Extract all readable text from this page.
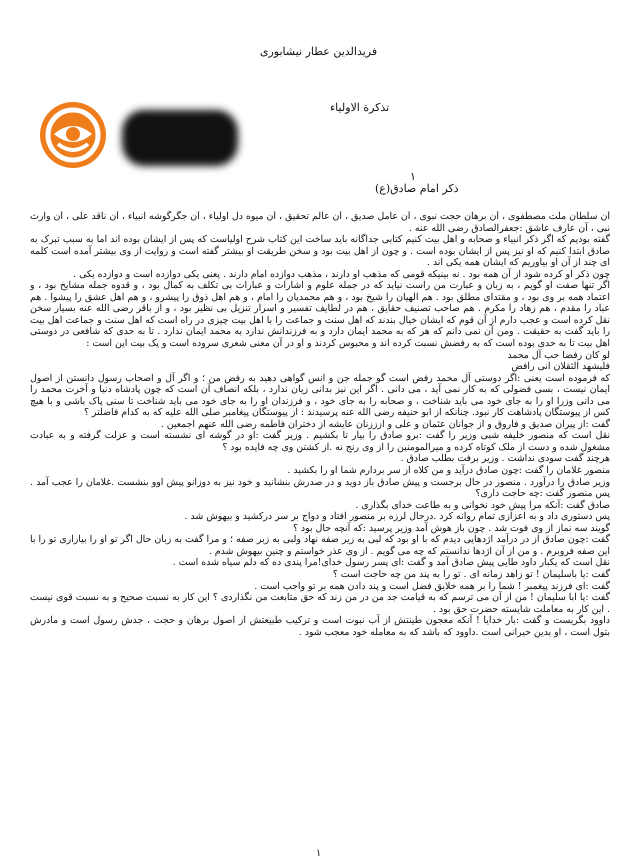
فریدالدین عطار نیشابوری
تذکرة الاولیاء
۱
ذکر امام صادق(ع)

آن سلطان ملت مصطفوی ، آن برهان حجت نبوی ، آن عامل صدیق ، آن عالم تحقیق ، آن میوه دل اولیاء ، آن جگرگوشه انبیاء ، آن ناقد علی ، آن وارث نبی ، آن عارف عاشق :جعفرالصادق رضی الله عنه .

گفته بودیم که اگر ذکر انبیاء و صحابه و اهل بیت کنیم کتابی جداگانه باید ساخت این کتاب شرح اولیاست که پس از ایشان بوده اند اما به سبب تبرک به صادق ابتدا کنیم که او نیز پس از ایشان بوده است . و چون از اهل بیت بود و سخن طریقت او بیشتر گفته است و روایت از وی بیشتر آمده است کلمه ای چند از آن او بیاوریم که ایشان همه یکی اند .

چون ذکر او کرده شود از آن همه بود . نه بینیکه قومی که مذهب او دارند ، مذهب دوازده امام دارند . یعنی یکی دوازده است و دوازده یکی .

اگر تنها صفت او گویم ، به زبان و عبارت من راست نیاید که در جمله علوم و اشارات و عبارات بی تکلف به کمال بود ، و قدوه جمله مشایخ بود ، و اعتماد همه بر وی بود ، و مقتدای مطلق بود . هم الهیان را شیخ بود ، و هم محمدیان را امام ، و هم اهل ذوق را پیشرو ، و هم اهل عشق را پیشوا . هم عباد را مقدم ، هم زهاد را مکرم . هم صاحب تصنیف حقایق ، هم در لطایف تفسیر و اسرار تنزیل بی نظیر بود ، و از باقر رضی الله عنه بسیار سخن نقل کرده است و عجب دارم از آن قوم که ایشان خیال بندند که اهل سنت و جماعت را با اهل بیت چیزی در راه است که اهل سنت و جماعت اهل بیت را باید گفت به حقیقت . ومن آن نمی دانم که هر که به محمد ایمان دارد و به فرزندانش ندارد به محمد ایمان ندارد . تا به حدی که شافعی در دوستی اهل بیت تا به حدی بوده است که به رفضش نسبت کرده اند و محبوس کردند و او در آن معنی شعری سروده است و یک بیت این است :

لو کان رفضا حب آل محمد

فلیشهد الثقلان انی رافض

که فرموده است یعنی :اگر دوستی آل محمد رفض است گو جمله جن و انس گواهی دهید به رفض من ؛ و اگر آل و اصحاب رسول دانستن از اصول ایمان نیست ، بسی فضولی که به کار نمی آید ، می دانی . اگر این نیز بدانی زیان ندارد ، بلکه انصاف آن است که چون پادشاه دنیا و آخرت محمد را می دانی وزرا او را به جای خود می باید شناخت ، و صحابه را به جای خود ، و فرزندان او را به جای خود می باید شناخت تا سنی پاک باشی و با هیچ کس از پیوستگان پادشاهت کار نبود. چنانکه از ابو حنیفه رضی الله عنه پرسیدند : از پیوستگان پیغامبر صلی الله علیه که به کدام فاضلتر ؟

گفت :از پیران صدیق و فاروق و از جوانان عثمان و علی و ازززنان عایشه از دختران فاطمه رضی الله عنهم اجمعین .

نقل است که منصور خلیفه شبی وزیر را گفت :برو صادق را بیار تا بکشیم . وزیر گفت :او در گوشه ای نشسته است و عزلت گرفته و به عبادت مشغول شده و دست از ملک کوتاه کرده و میرالمومنین را از وی رنج نه .از کشتن وی چه فایده بود ؟

هرچند گفت سودی نداشت . وزیر برفت بطلب صادق .

منصور غلامان را گفت :چون صادق درآید و من کلاه از سر بردارم شما او را بکشید .

وزیر صادق را درآورد . منصور در حال برجست و پیش صادق باز دوید و در صدرش بنشانید و خود نیز به دوزانو پیش اوو بنشست .غلامان را عجب آمد . پس منصور گفت :چه حاجت داری؟

صادق گفت :آنکه مرا پیش خود نخوانی و به طاعت خدای بگذاری .

پس دستوری داد و به اعزازی تمام روانه کرد .درحال لرزه بر منصور افتاد و دواج بر سر درکشید و بیهوش شد .

گویند سه نماز از وی فوت شد . چون باز هوش آمد وزیر پرسید :که آنچه حال بود ؟

گفت :چون صادق از در درآمد اژدهایی دیدم که با او بود که لبی به زیر صفه نهاد ولبی به زبر صفه ؛ و مرا گفت به زبان حال اگر تو او را بیازاری تو را با این صفه فروبرم . و من از آن اژدها ندانستم که چه می گویم . از وی عذر خواستم و چنین بیهوش شدم .

نقل است که یکبار داود طایی پیش صادق آمد و گفت :ای پسر رسول خدای!مرا پندی ده که دلم سیاه شده است .

گفت :یا باسلیمان ! تو زاهد زمانه ای . تو را به پند من چه حاجت است ؟

گفت :ای فرزند پیغمبر ! شما را بر همه خلایق فضل است و پند دادن همه بر تو واجب است .

گفت :یا ابا سلیمان ! من از آن می ترسم که به قیامت جد من در من زند که حق متابعت من نگذاردی ؟ این کار به نسبت صحیح و به نسبت قوی نیست . این کار به معاملت شایسته حضرت حق بود .

داوود بگریست و گفت :بار خدایا ! آنکه معجون طینتش از آب نبوت است و ترکیب طبیعتش از اصول برهان و حجت ، جدش رسول است و مادرش بتول است ، او بدین حیرانی است .داوود که باشد که به معامله خود معجب شود .

۱
